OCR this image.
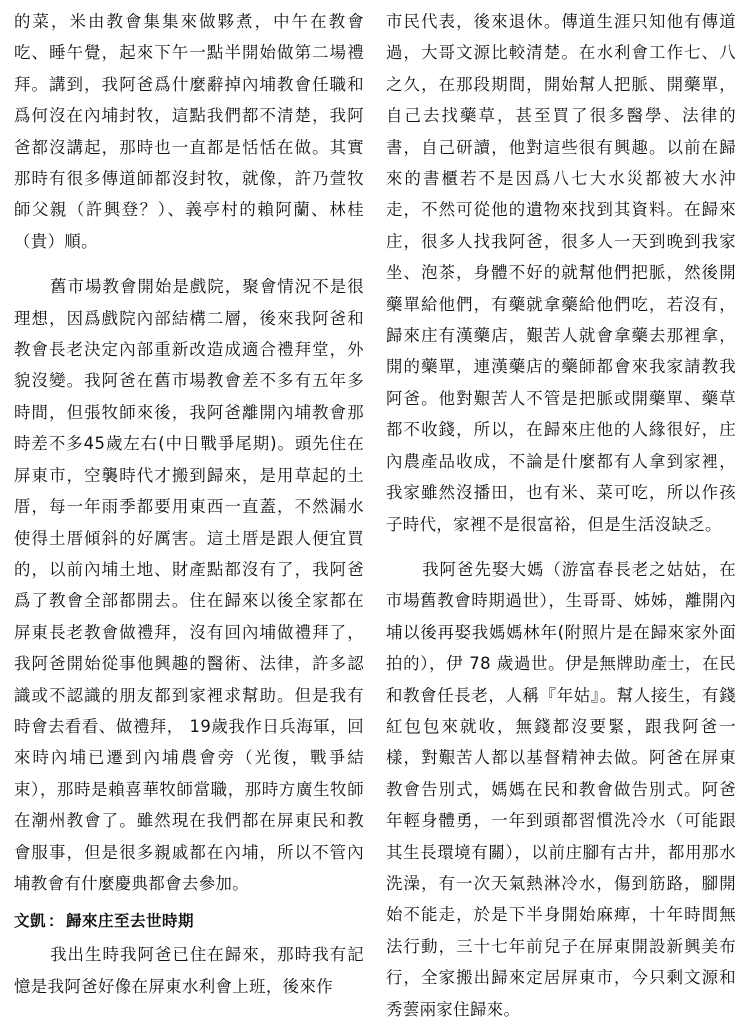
的菜，米由教會集集來做夥煮，中午在教會吃、睡午覺，起來下午一點半開始做第二場禮拜。講到，我阿爸爲什麼辭掉內埔教會任職和爲何沒在內埔封牧，這點我們都不清楚，我阿爸都沒講起，那時也一直都是恬恬在做。其實那時有很多傳道師都沒封牧，就像，許乃萱牧師父親（許興登？）、義亭村的賴阿蘭、林桂（貴）順。

舊市場教會開始是戲院，聚會情況不是很理想，因爲戲院內部結構二層，後來我阿爸和教會長老決定內部重新改造成適合禮拜堂，外貌沒變。我阿爸在舊市場教會差不多有五年多時間，但張牧師來後，我阿爸離開內埔教會那時差不多45歲左右(中日戰爭尾期)。頭先住在屏東市，空襲時代才搬到歸來，是用草起的土厝，每一年雨季都要用東西一直蓋，不然漏水使得土厝傾斜的好厲害。這土厝是跟人便宜買的，以前內埔土地、財產點都沒有了，我阿爸爲了教會全部都開去。住在歸來以後全家都在屏東長老教會做禮拜，沒有回內埔做禮拜了，我阿爸開始從事他興趣的醫術、法律，許多認識或不認識的朋友都到家裡求幫助。但是我有時會去看看、做禮拜， 19歲我作日兵海軍，回來時內埔已遷到內埔農會旁（光復，戰爭結束），那時是賴喜華牧師當職，那時方廣生牧師在潮州教會了。雖然現在我們都在屏東民和教會服事，但是很多親戚都在內埔，所以不管內埔教會有什麼慶典都會去參加。

文凱 ： 歸來庄至去世時期

我出生時我阿爸已住在歸來，那時我有記憶是我阿爸好像在屏東水利會上班，後來作

市民代表，後來退休。傳道生涯只知他有傳道過，大哥文源比較清楚。在水利會工作七、八之久，在那段期間，開始幫人把脈、開藥單，自己去找藥草，甚至買了很多醫學、法律的書，自己研讀，他對這些很有興趣。以前在歸來的書櫃若不是因爲八七大水災都被大水沖走，不然可從他的遺物來找到其資料。在歸來庄，很多人找我阿爸，很多人一天到晚到我家坐、泡茶，身體不好的就幫他們把脈，然後開藥單給他們，有藥就拿藥給他們吃，若沒有，歸來庄有漢藥店，艱苦人就會拿藥去那裡拿，開的藥單，連漢藥店的藥師都會來我家請教我阿爸。他對艱苦人不管是把脈或開藥單、藥草都不收錢，所以，在歸來庄他的人緣很好，庄內農產品收成，不論是什麼都有人拿到家裡，我家雖然沒播田，也有米、菜可吃，所以作孩子時代，家裡不是很富裕，但是生活沒缺乏。

我阿爸先娶大媽（游富春長老之姑姑，在市場舊教會時期過世），生哥哥、姊姊，離開內埔以後再娶我媽媽林年(附照片是在歸來家外面拍的），伊 78 歲過世。伊是無牌助產士，在民和教會任長老，人稱『年姑』。幫人接生，有錢紅包包來就收，無錢都沒要緊，跟我阿爸一樣，對艱苦人都以基督精神去做。阿爸在屏東教會告別式，媽媽在民和教會做告別式。阿爸年輕身體勇，一年到頭都習慣洗冷水（可能跟其生長環境有關），以前庄腳有古井，都用那水洗澡，有一次天氣熱淋冷水，傷到筋路，腳開始不能走，於是下半身開始麻痺，十年時間無法行動，三十七年前兒子在屏東開設新興美布行，全家搬出歸來定居屏東市，今只剩文源和秀蕓兩家住歸來。
